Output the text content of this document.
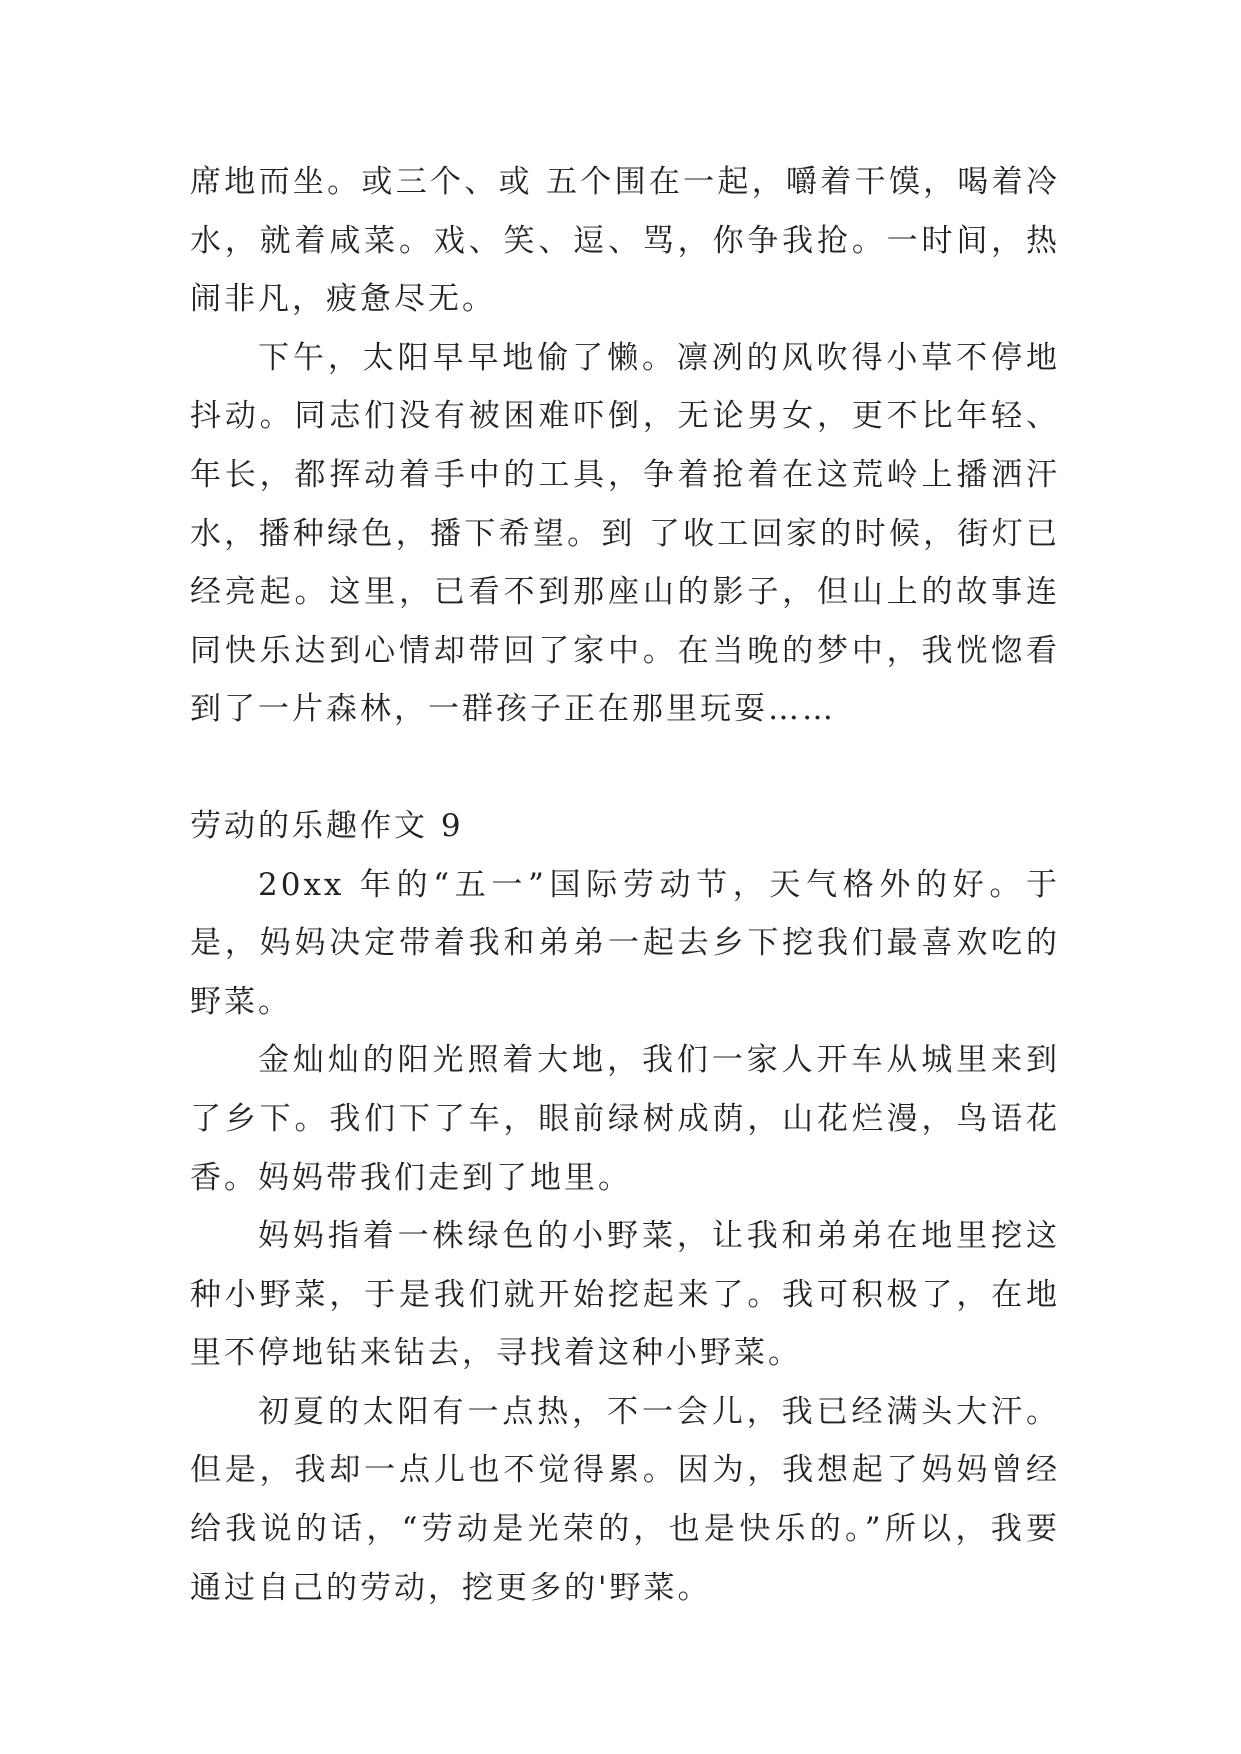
席地而坐。或三个、或 五个围在一起，嚼着干馍，喝着冷水，就着咸菜。戏、笑、逗、骂，你争我抢。一时间，热闹非凡，疲惫尽无。

下午，太阳早早地偷了懒。凛冽的风吹得小草不停地抖动。同志们没有被困难吓倒，无论男女，更不比年轻、年长，都挥动着手中的工具，争着抢着在这荒岭上播洒汗水，播种绿色，播下希望。到 了收工回家的时候，街灯已经亮起。这里，已看不到那座山的影子，但山上的故事连同快乐达到心情却带回了家中。在当晚的梦中，我恍惚看到了一片森林，一群孩子正在那里玩耍……

劳动的乐趣作文 9

20xx 年的“五一”国际劳动节，天气格外的好。于是，妈妈决定带着我和弟弟一起去乡下挖我们最喜欢吃的野菜。

金灿灿的阳光照着大地，我们一家人开车从城里来到了乡下。我们下了车，眼前绿树成荫，山花烂漫，鸟语花香。妈妈带我们走到了地里。

妈妈指着一株绿色的小野菜，让我和弟弟在地里挖这种小野菜，于是我们就开始挖起来了。我可积极了，在地里不停地钻来钻去，寻找着这种小野菜。

初夏的太阳有一点热，不一会儿，我已经满头大汗。但是，我却一点儿也不觉得累。因为，我想起了妈妈曾经给我说的话，“劳动是光荣的，也是快乐的。”所以，我要通过自己的劳动，挖更多的'野菜。
